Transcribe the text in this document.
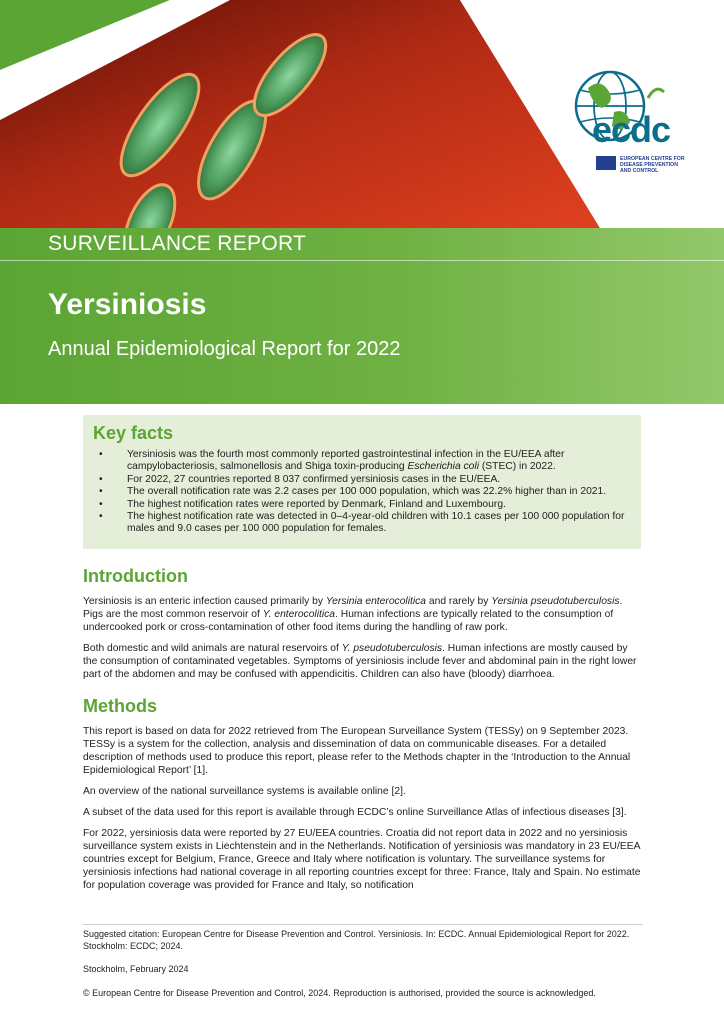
ecdc
EUROPEAN CENTRE FOR
DISEASE PREVENTION
AND CONTROL
SURVEILLANCE REPORT
Yersiniosis
Annual Epidemiological Report for 2022
Key facts
• Yersiniosis was the fourth most commonly reported gastrointestinal infection in the EU/EEA after campylobacteriosis, salmonellosis and Shiga toxin-producing Escherichia coli (STEC) in 2022.
• For 2022, 27 countries reported 8 037 confirmed yersiniosis cases in the EU/EEA.
• The overall notification rate was 2.2 cases per 100 000 population, which was 22.2% higher than in 2021.
• The highest notification rates were reported by Denmark, Finland and Luxembourg.
• The highest notification rate was detected in 0–4-year-old children with 10.1 cases per 100 000 population for males and 9.0 cases per 100 000 population for females.
Introduction

Yersiniosis is an enteric infection caused primarily by Yersinia enterocolitica and rarely by Yersinia pseudotuberculosis. Pigs are the most common reservoir of Y. enterocolitica. Human infections are typically related to the consumption of undercooked pork or cross-contamination of other food items during the handling of raw pork.

Both domestic and wild animals are natural reservoirs of Y. pseudotuberculosis. Human infections are mostly caused by the consumption of contaminated vegetables. Symptoms of yersiniosis include fever and abdominal pain in the right lower part of the abdomen and may be confused with appendicitis. Children can also have (bloody) diarrhoea.

Methods

This report is based on data for 2022 retrieved from The European Surveillance System (TESSy) on 9 September 2023. TESSy is a system for the collection, analysis and dissemination of data on communicable diseases. For a detailed description of methods used to produce this report, please refer to the Methods chapter in the ‘Introduction to the Annual Epidemiological Report’ [1].

An overview of the national surveillance systems is available online [2].

A subset of the data used for this report is available through ECDC’s online Surveillance Atlas of infectious diseases [3].

For 2022, yersiniosis data were reported by 27 EU/EEA countries. Croatia did not report data in 2022 and no yersiniosis surveillance system exists in Liechtenstein and in the Netherlands. Notification of yersiniosis was mandatory in 23 EU/EEA countries except for Belgium, France, Greece and Italy where notification is voluntary. The surveillance systems for yersiniosis infections had national coverage in all reporting countries except for three: France, Italy and Spain. No estimate for population coverage was provided for France and Italy, so notification

Suggested citation: European Centre for Disease Prevention and Control. Yersiniosis. In: ECDC. Annual Epidemiological Report for 2022. Stockholm: ECDC; 2024.

Stockholm, February 2024

© European Centre for Disease Prevention and Control, 2024. Reproduction is authorised, provided the source is acknowledged.
